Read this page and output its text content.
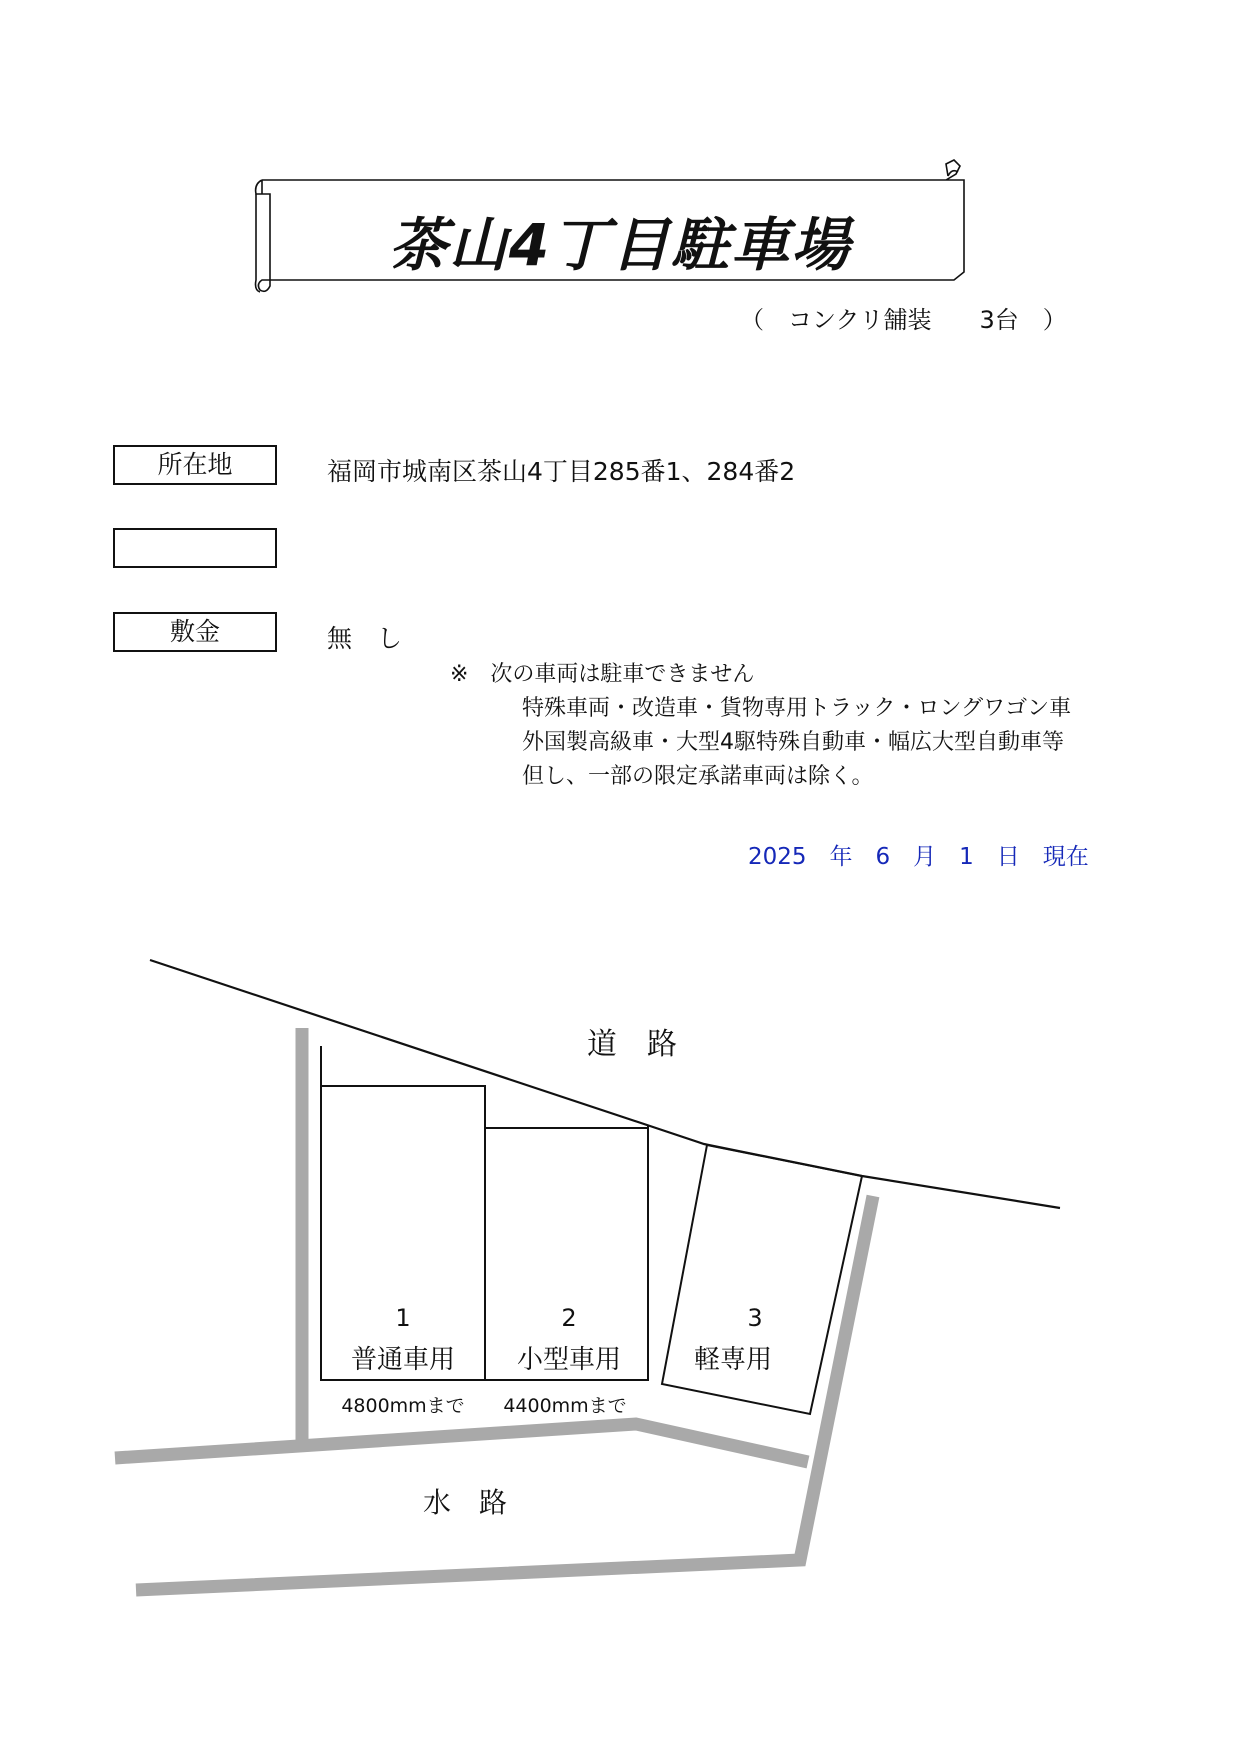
茶山4丁目駐車場
（　コンクリ舗装　　3台　）
所在地	福岡市城南区茶山4丁目285番1、284番2
敷金	無　し
※　次の車両は駐車できません
特殊車両・改造車・貨物専用トラック・ロングワゴン車
外国製高級車・大型4駆特殊自動車・幅広大型自動車等
但し、一部の限定承諾車両は除く。
2025　年　6　月　1　日　現在
道　路
水　路
1
普通車用
4800mmまで
2
小型車用
4400mmまで
3
軽専用
